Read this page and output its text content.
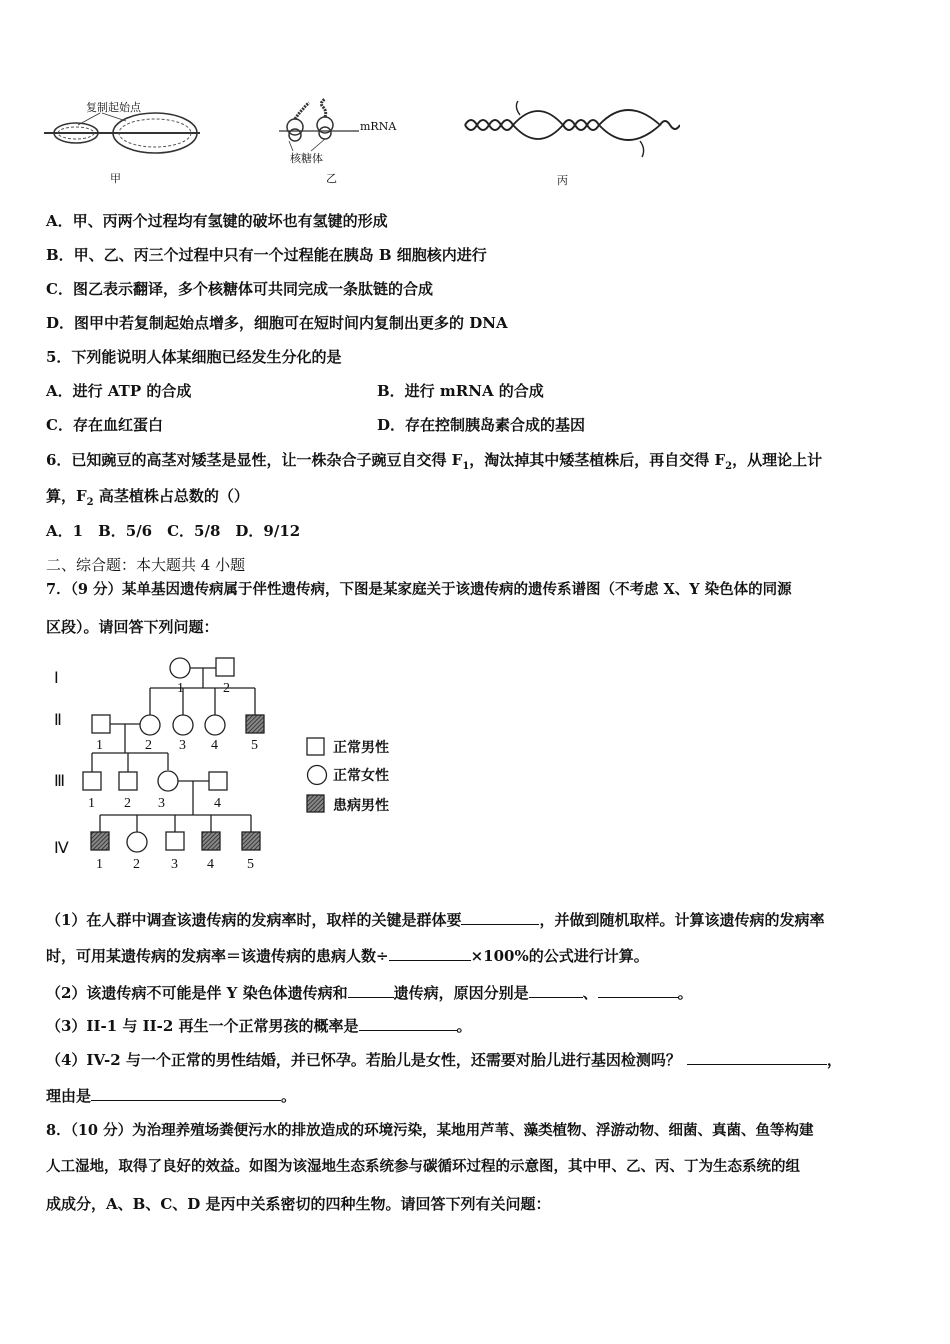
复制起始点
甲
mRNA
核糖体
乙	丙
A．甲、丙两个过程均有氢键的破坏也有氢键的形成
B．甲、乙、丙三个过程中只有一个过程能在胰岛 B 细胞核内进行
C．图乙表示翻译，多个核糖体可共同完成一条肽链的合成
D．图甲中若复制起始点增多，细胞可在短时间内复制出更多的 DNA
5．下列能说明人体某细胞已经发生分化的是
A．进行 ATP 的合成	B．进行 mRNA 的合成
C．存在血红蛋白	D．存在控制胰岛素合成的基因
6．已知豌豆的高茎对矮茎是显性，让一株杂合子豌豆自交得 $F_1$，淘汰掉其中矮茎植株后，再自交得 $F_2$，从理论上计
算，$F_2$ 高茎植株占总数的（）
A．1　B．5/6　C．5/8　D．9/12
二、综合题：本大题共 4 小题
7．（9 分）某单基因遗传病属于伴性遗传病，下图是某家庭关于该遗传病的遗传系谱图（不考虑 X、Y 染色体的同源
区段）。请回答下列问题：
Ⅰ
Ⅱ
Ⅲ
Ⅳ
1	2
1	2 3 4 5
1 2 3	4
1 2 3 4 5
正常男性
正常女性
患病男性
（1）在人群中调查该遗传病的发病率时，取样的关键是群体要	，并做到随机取样。计算该遗传病的发病率
时，可用某遗传病的发病率＝该遗传病的患病人数÷	×100%的公式进行计算。
（2）该遗传病不可能是伴 Y 染色体遗传病和	遗传病，原因分别是	、	。
（3）II-1 与 II-2 再生一个正常男孩的概率是	。
（4）IV-2 与一个正常的男性结婚，并已怀孕。若胎儿是女性，还需要对胎儿进行基因检测吗？	，
理由是	。
8．（10 分）为治理养殖场粪便污水的排放造成的环境污染，某地用芦苇、藻类植物、浮游动物、细菌、真菌、鱼等构建
人工湿地，取得了良好的效益。如图为该湿地生态系统参与碳循环过程的示意图，其中甲、乙、丙、丁为生态系统的组
成成分，A、B、C、D 是丙中关系密切的四种生物。请回答下列有关问题：
